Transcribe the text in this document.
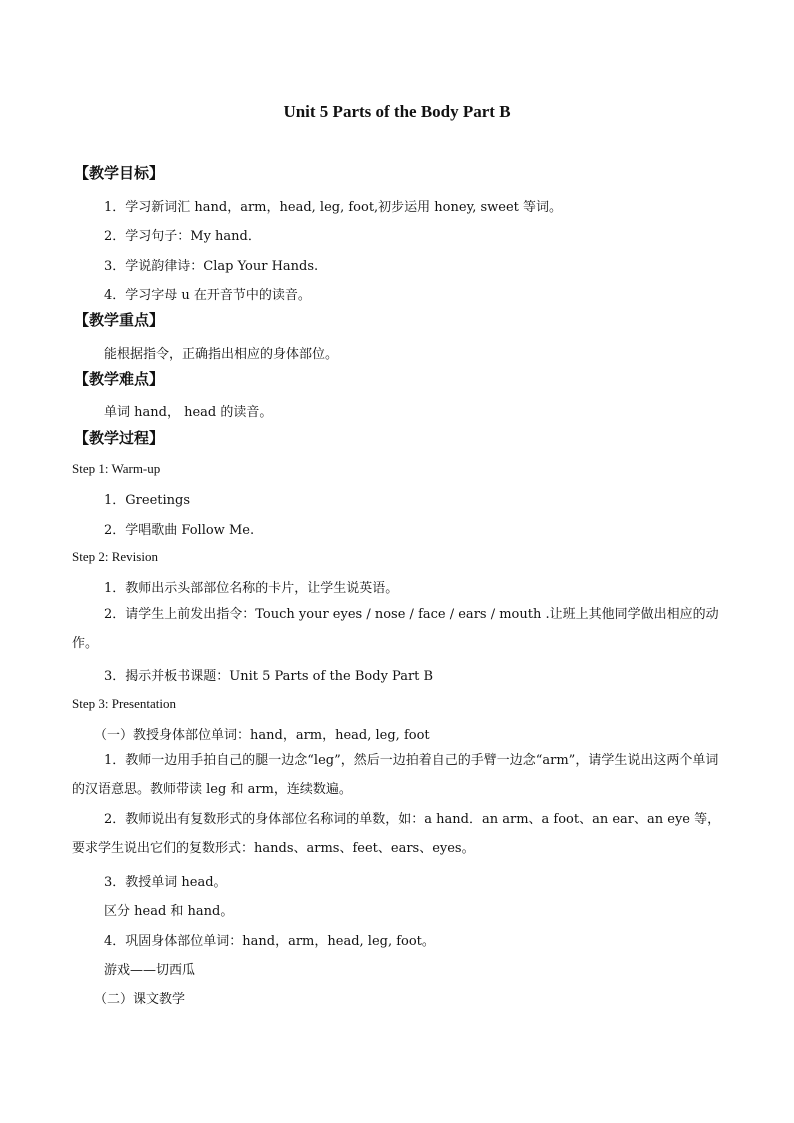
Unit 5 Parts of the Body Part B
【教学目标】
1．学习新词汇 hand，arm，head, leg, foot,初步运用 honey, sweet 等词。
2．学习句子：My hand．
3．学说韵律诗：Clap Your Hands.
4．学习字母 u 在开音节中的读音。
【教学重点】
能根据指令，正确指出相应的身体部位。
【教学难点】
单词 hand， head 的读音。
【教学过程】
Step 1: Warm-up
1．Greetings
2．学唱歌曲 Follow Me.
Step 2: Revision
1．教师出示头部部位名称的卡片，让学生说英语。
2．请学生上前发出指令：Touch your eyes / nose / face / ears / mouth .让班上其他同学做出相应的动作。
3．揭示并板书课题：Unit 5 Parts of the Body Part B
Step 3: Presentation
（一）教授身体部位单词：hand，arm，head, leg, foot
1．教师一边用手拍自己的腿一边念“leg”，然后一边拍着自己的手臂一边念“arm”，请学生说出这两个单词的汉语意思。教师带读 leg 和 arm，连续数遍。
2．教师说出有复数形式的身体部位名称词的单数，如：a hand．an arm、a foot、an ear、an eye 等，要求学生说出它们的复数形式：hands、arms、feet、ears、eyes。
3．教授单词 head。
区分 head 和 hand。
4．巩固身体部位单词：hand，arm，head, leg, foot。
游戏——切西瓜
（二）课文教学
